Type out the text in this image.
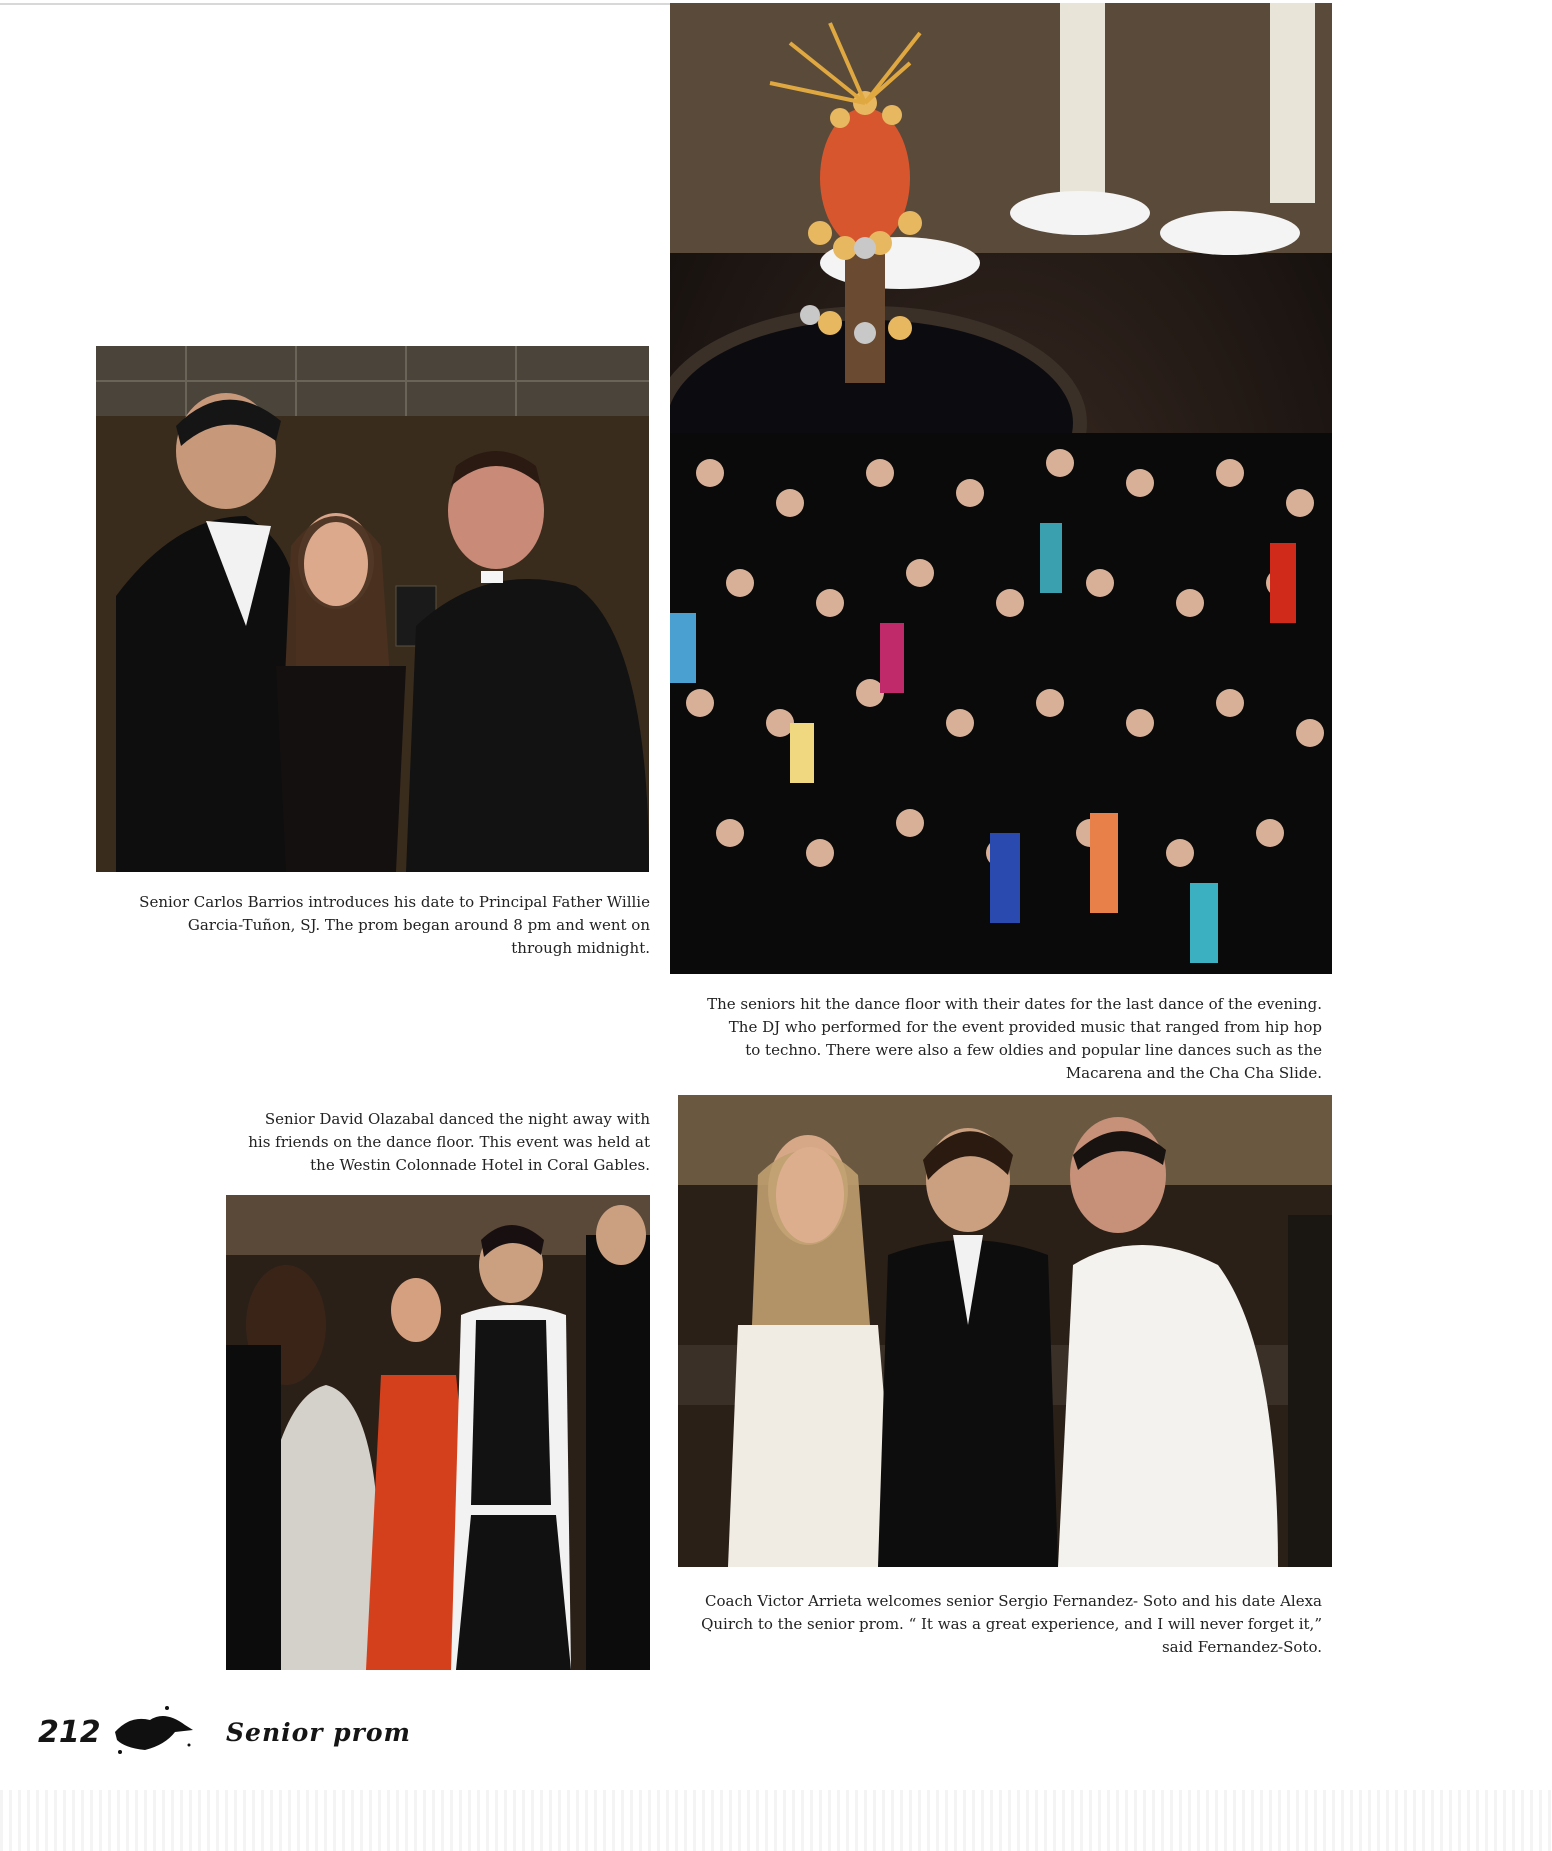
Senior Carlos Barrios introduces his date to Principal Father Willie
Garcia-Tuñon, SJ. The prom began around 8 pm and went on
through midnight.
The seniors hit the dance floor with their dates for the last dance of the evening.
The DJ who performed for the event provided music that ranged from hip hop
to techno. There were also a few oldies and popular line dances such as the
Macarena and the Cha Cha Slide.
Senior David Olazabal danced the night away with
his friends on the dance floor. This event was held at
the Westin Colonnade Hotel in Coral Gables.
Coach Victor Arrieta welcomes senior Sergio Fernandez- Soto and his date Alexa
Quirch to the senior prom. “ It was a great experience, and I will never forget it,”
said Fernandez-Soto.
212	Senior prom
